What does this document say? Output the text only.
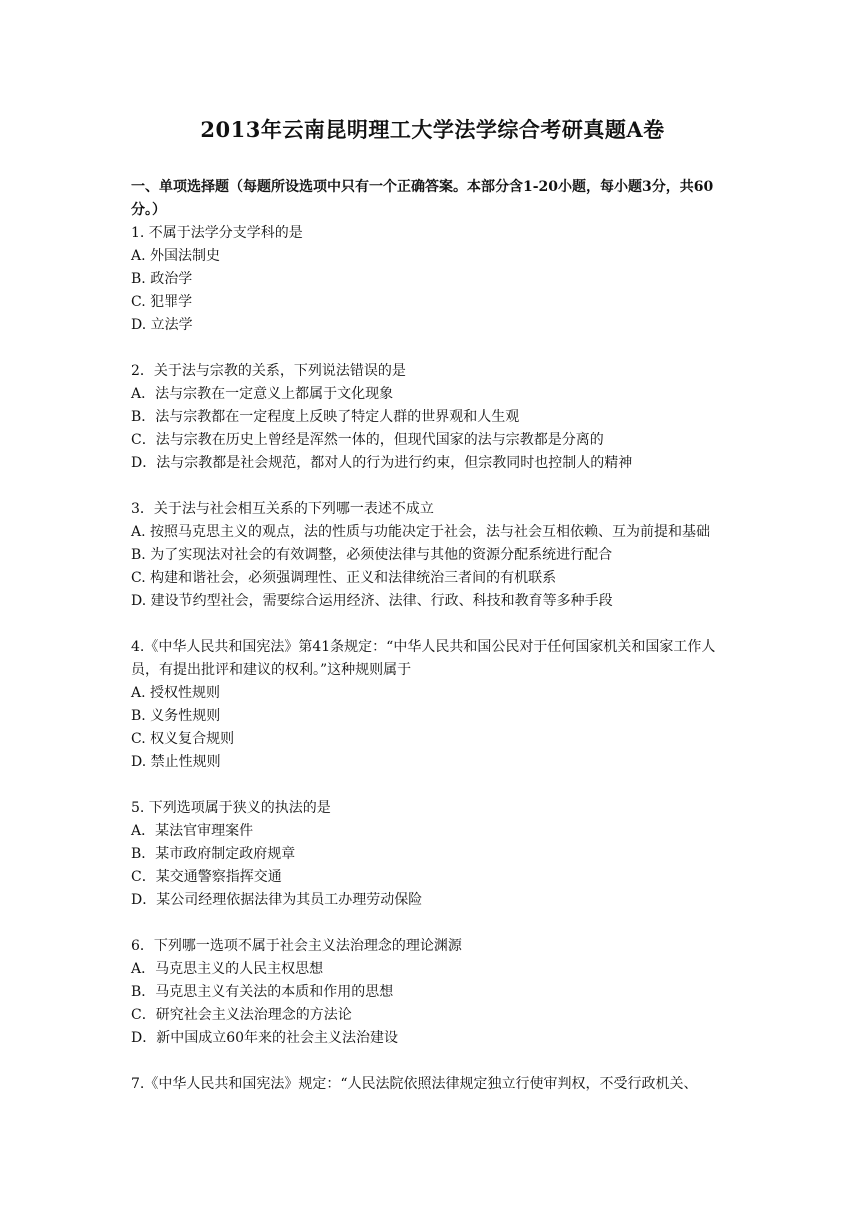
2013年云南昆明理工大学法学综合考研真题A卷

一、单项选择题（每题所设选项中只有一个正确答案。本部分含1-20小题，每小题3分，共60分。）

1. 不属于法学分支学科的是

A. 外国法制史

B. 政治学

C. 犯罪学

D. 立法学

2．关于法与宗教的关系，下列说法错误的是

A．法与宗教在一定意义上都属于文化现象

B．法与宗教都在一定程度上反映了特定人群的世界观和人生观

C．法与宗教在历史上曾经是浑然一体的，但现代国家的法与宗教都是分离的

D．法与宗教都是社会规范，都对人的行为进行约束，但宗教同时也控制人的精神

3．关于法与社会相互关系的下列哪一表述不成立

A. 按照马克思主义的观点，法的性质与功能决定于社会，法与社会互相依赖、互为前提和基础

B. 为了实现法对社会的有效调整，必须使法律与其他的资源分配系统进行配合

C. 构建和谐社会，必须强调理性、正义和法律统治三者间的有机联系

D. 建设节约型社会，需要综合运用经济、法律、行政、科技和教育等多种手段

4.《中华人民共和国宪法》第41条规定：“中华人民共和国公民对于任何国家机关和国家工作人员，有提出批评和建议的权利。”这种规则属于

A. 授权性规则

B. 义务性规则

C. 权义复合规则

D. 禁止性规则

5. 下列选项属于狭义的执法的是

A．某法官审理案件

B．某市政府制定政府规章

C．某交通警察指挥交通

D．某公司经理依据法律为其员工办理劳动保险

6．下列哪一选项不属于社会主义法治理念的理论渊源

A．马克思主义的人民主权思想

B．马克思主义有关法的本质和作用的思想

C．研究社会主义法治理念的方法论

D．新中国成立60年来的社会主义法治建设

7.《中华人民共和国宪法》规定：“人民法院依照法律规定独立行使审判权，不受行政机关、
